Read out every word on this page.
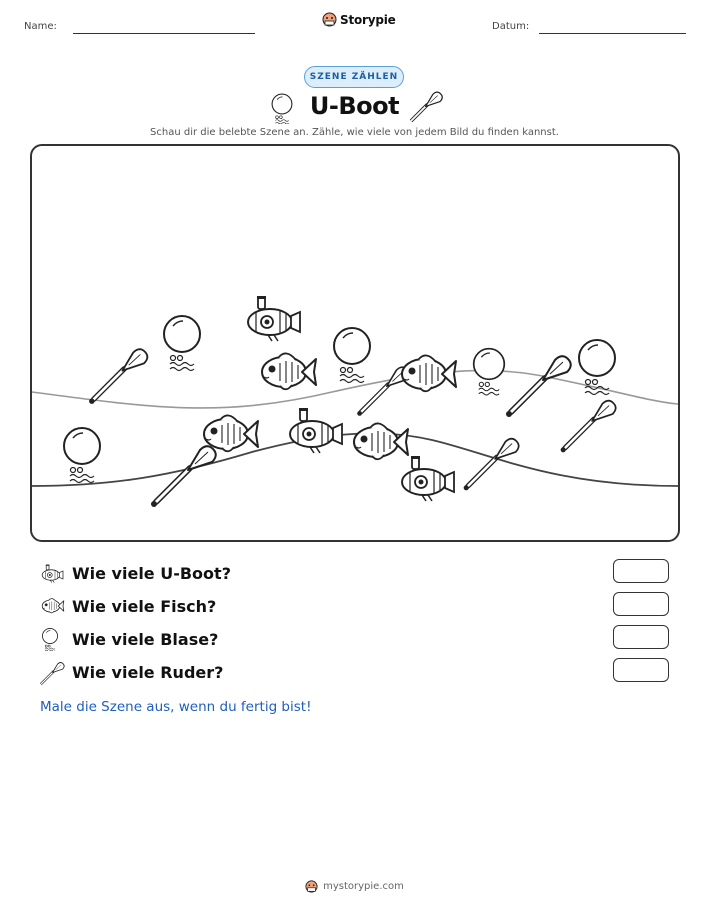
Name:	Storypie	Datum:
SZENE ZÄHLEN
U-Boot
Schau dir die belebte Szene an. Zähle, wie viele von jedem Bild du finden kannst.
Wie viele U-Boot?
Wie viele Fisch?
Wie viele Blase?
Wie viele Ruder?
Male die Szene aus, wenn du fertig bist!
mystorypie.com
